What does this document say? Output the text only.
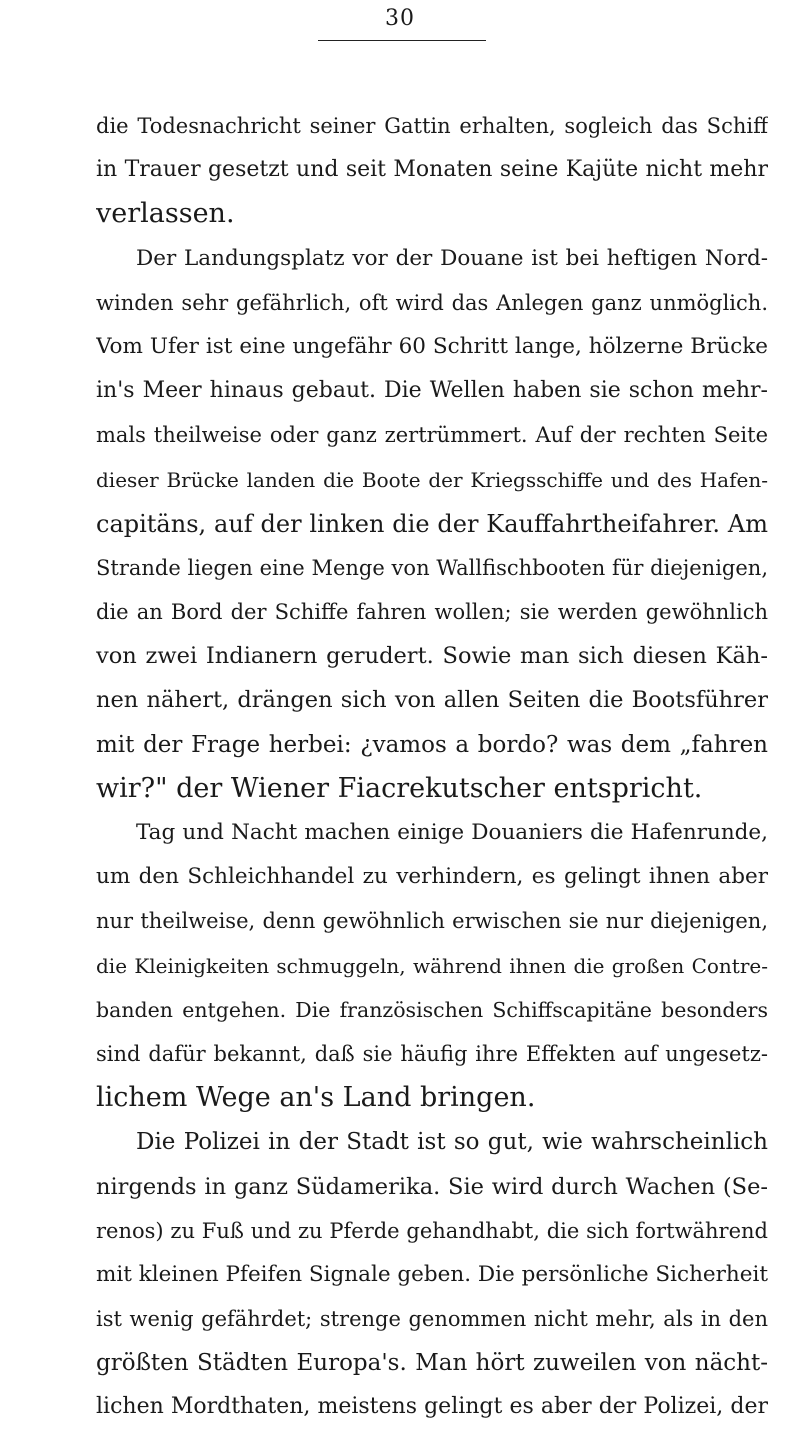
30
die Todesnachricht seiner Gattin erhalten, sogleich das Schiff
in Trauer gesetzt und seit Monaten seine Kajüte nicht mehr
verlassen.
Der Landungsplatz vor der Douane ist bei heftigen Nord-
winden sehr gefährlich, oft wird das Anlegen ganz unmöglich.
Vom Ufer ist eine ungefähr 60 Schritt lange, hölzerne Brücke
in's Meer hinaus gebaut. Die Wellen haben sie schon mehr-
mals theilweise oder ganz zertrümmert. Auf der rechten Seite
dieser Brücke landen die Boote der Kriegsschiffe und des Hafen-
capitäns, auf der linken die der Kauffahrtheifahrer. Am
Strande liegen eine Menge von Wallfischbooten für diejenigen,
die an Bord der Schiffe fahren wollen; sie werden gewöhnlich
von zwei Indianern gerudert. Sowie man sich diesen Käh-
nen nähert, drängen sich von allen Seiten die Bootsführer
mit der Frage herbei: ¿vamos a bordo? was dem „fahren
wir?" der Wiener Fiacrekutscher entspricht.
Tag und Nacht machen einige Douaniers die Hafenrunde,
um den Schleichhandel zu verhindern, es gelingt ihnen aber
nur theilweise, denn gewöhnlich erwischen sie nur diejenigen,
die Kleinigkeiten schmuggeln, während ihnen die großen Contre-
banden entgehen. Die französischen Schiffscapitäne besonders
sind dafür bekannt, daß sie häufig ihre Effekten auf ungesetz-
lichem Wege an's Land bringen.
Die Polizei in der Stadt ist so gut, wie wahrscheinlich
nirgends in ganz Südamerika. Sie wird durch Wachen (Se-
renos) zu Fuß und zu Pferde gehandhabt, die sich fortwährend
mit kleinen Pfeifen Signale geben. Die persönliche Sicherheit
ist wenig gefährdet; strenge genommen nicht mehr, als in den
größten Städten Europa's. Man hört zuweilen von nächt-
lichen Mordthaten, meistens gelingt es aber der Polizei, der
